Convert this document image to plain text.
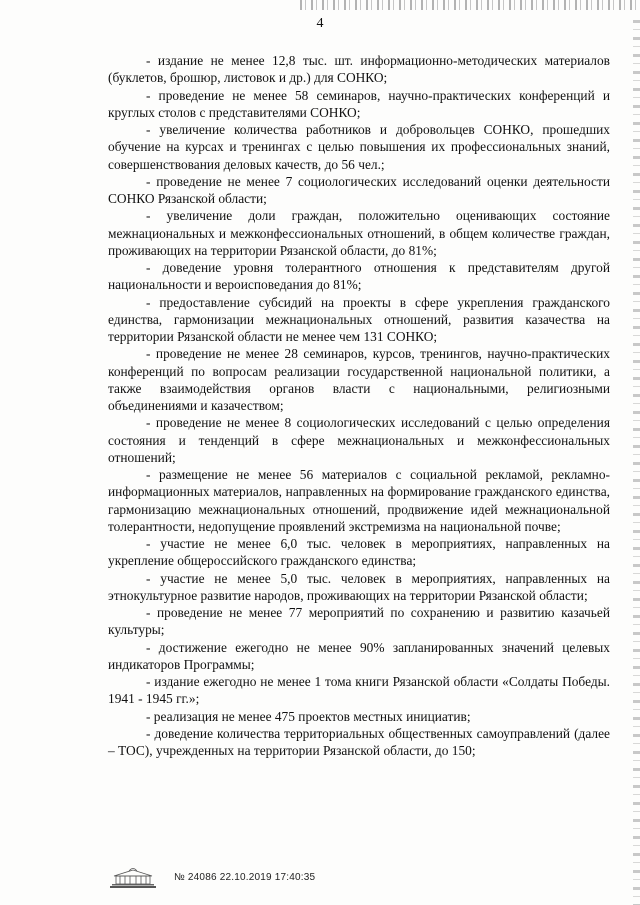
4

- издание не менее 12,8 тыс. шт. информационно-методических материалов (буклетов, брошюр, листовок и др.) для СОНКО;

- проведение не менее 58 семинаров, научно-практических конференций и круглых столов с представителями СОНКО;

- увеличение количества работников и добровольцев СОНКО, прошедших обучение на курсах и тренингах с целью повышения их профессиональных знаний, совершенствования деловых качеств, до 56 чел.;

- проведение не менее 7 социологических исследований оценки деятельности СОНКО Рязанской области;

- увеличение доли граждан, положительно оценивающих состояние межнациональных и межконфессиональных отношений, в общем количестве граждан, проживающих на территории Рязанской области, до 81%;

- доведение уровня толерантного отношения к представителям другой национальности и вероисповедания до 81%;

- предоставление субсидий на проекты в сфере укрепления гражданского единства, гармонизации межнациональных отношений, развития казачества на территории Рязанской области не менее чем 131 СОНКО;

- проведение не менее 28 семинаров, курсов, тренингов, научно-практических конференций по вопросам реализации государственной национальной политики, а также взаимодействия органов власти с национальными, религиозными объединениями и казачеством;

- проведение не менее 8 социологических исследований с целью определения состояния и тенденций в сфере межнациональных и межконфессиональных отношений;

- размещение не менее 56 материалов с социальной рекламой, рекламно-информационных материалов, направленных на формирование гражданского единства, гармонизацию межнациональных отношений, продвижение идей межнациональной толерантности, недопущение проявлений экстремизма на национальной почве;

- участие не менее 6,0 тыс. человек в мероприятиях, направленных на укрепление общероссийского гражданского единства;

- участие не менее 5,0 тыс. человек в мероприятиях, направленных на этнокультурное развитие народов, проживающих на территории Рязанской области;

- проведение не менее 77 мероприятий по сохранению и развитию казачьей культуры;

- достижение ежегодно не менее 90% запланированных значений целевых индикаторов Программы;

- издание ежегодно не менее 1 тома книги Рязанской области «Солдаты Победы. 1941 - 1945 гг.»;

- реализация не менее 475 проектов местных инициатив;

- доведение количества территориальных общественных самоуправлений (далее – ТОС), учрежденных на территории Рязанской области, до 150;

№ 24086 22.10.2019 17:40:35
